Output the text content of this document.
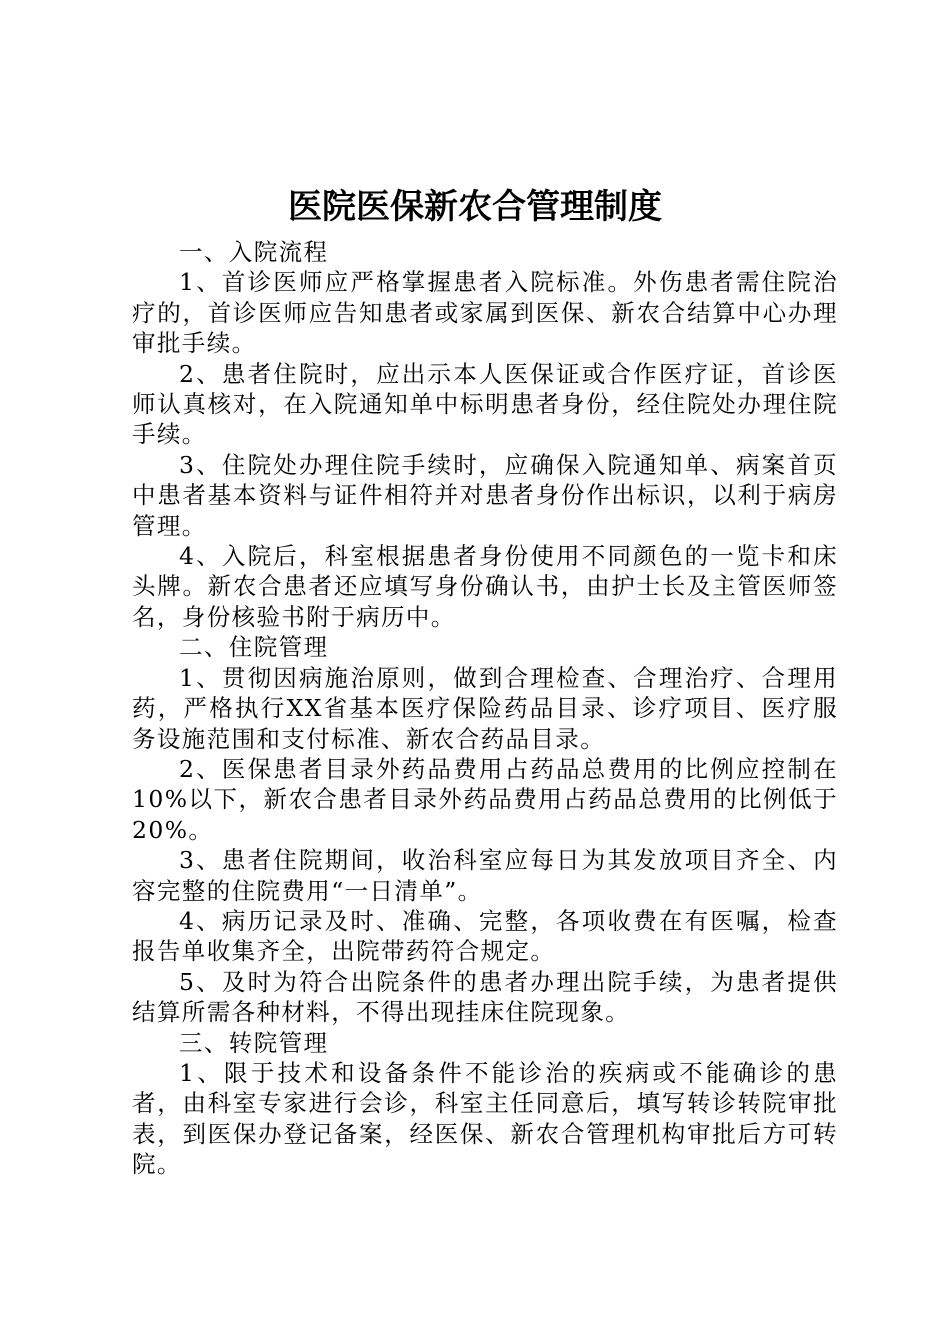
医院医保新农合管理制度

一、入院流程

1、首诊医师应严格掌握患者入院标准。外伤患者需住院治疗的，首诊医师应告知患者或家属到医保、新农合结算中心办理审批手续。

2、患者住院时，应出示本人医保证或合作医疗证，首诊医师认真核对，在入院通知单中标明患者身份，经住院处办理住院手续。

3、住院处办理住院手续时，应确保入院通知单、病案首页中患者基本资料与证件相符并对患者身份作出标识，以利于病房管理。

4、入院后，科室根据患者身份使用不同颜色的一览卡和床头牌。新农合患者还应填写身份确认书，由护士长及主管医师签名，身份核验书附于病历中。

二、住院管理

1、贯彻因病施治原则，做到合理检查、合理治疗、合理用药，严格执行XX省基本医疗保险药品目录、诊疗项目、医疗服务设施范围和支付标准、新农合药品目录。

2、医保患者目录外药品费用占药品总费用的比例应控制在10%以下，新农合患者目录外药品费用占药品总费用的比例低于20%。

3、患者住院期间，收治科室应每日为其发放项目齐全、内容完整的住院费用“一日清单”。

4、病历记录及时、准确、完整，各项收费在有医嘱，检查报告单收集齐全，出院带药符合规定。

5、及时为符合出院条件的患者办理出院手续，为患者提供结算所需各种材料，不得出现挂床住院现象。

三、转院管理

1、限于技术和设备条件不能诊治的疾病或不能确诊的患者，由科室专家进行会诊，科室主任同意后，填写转诊转院审批表，到医保办登记备案，经医保、新农合管理机构审批后方可转院。
